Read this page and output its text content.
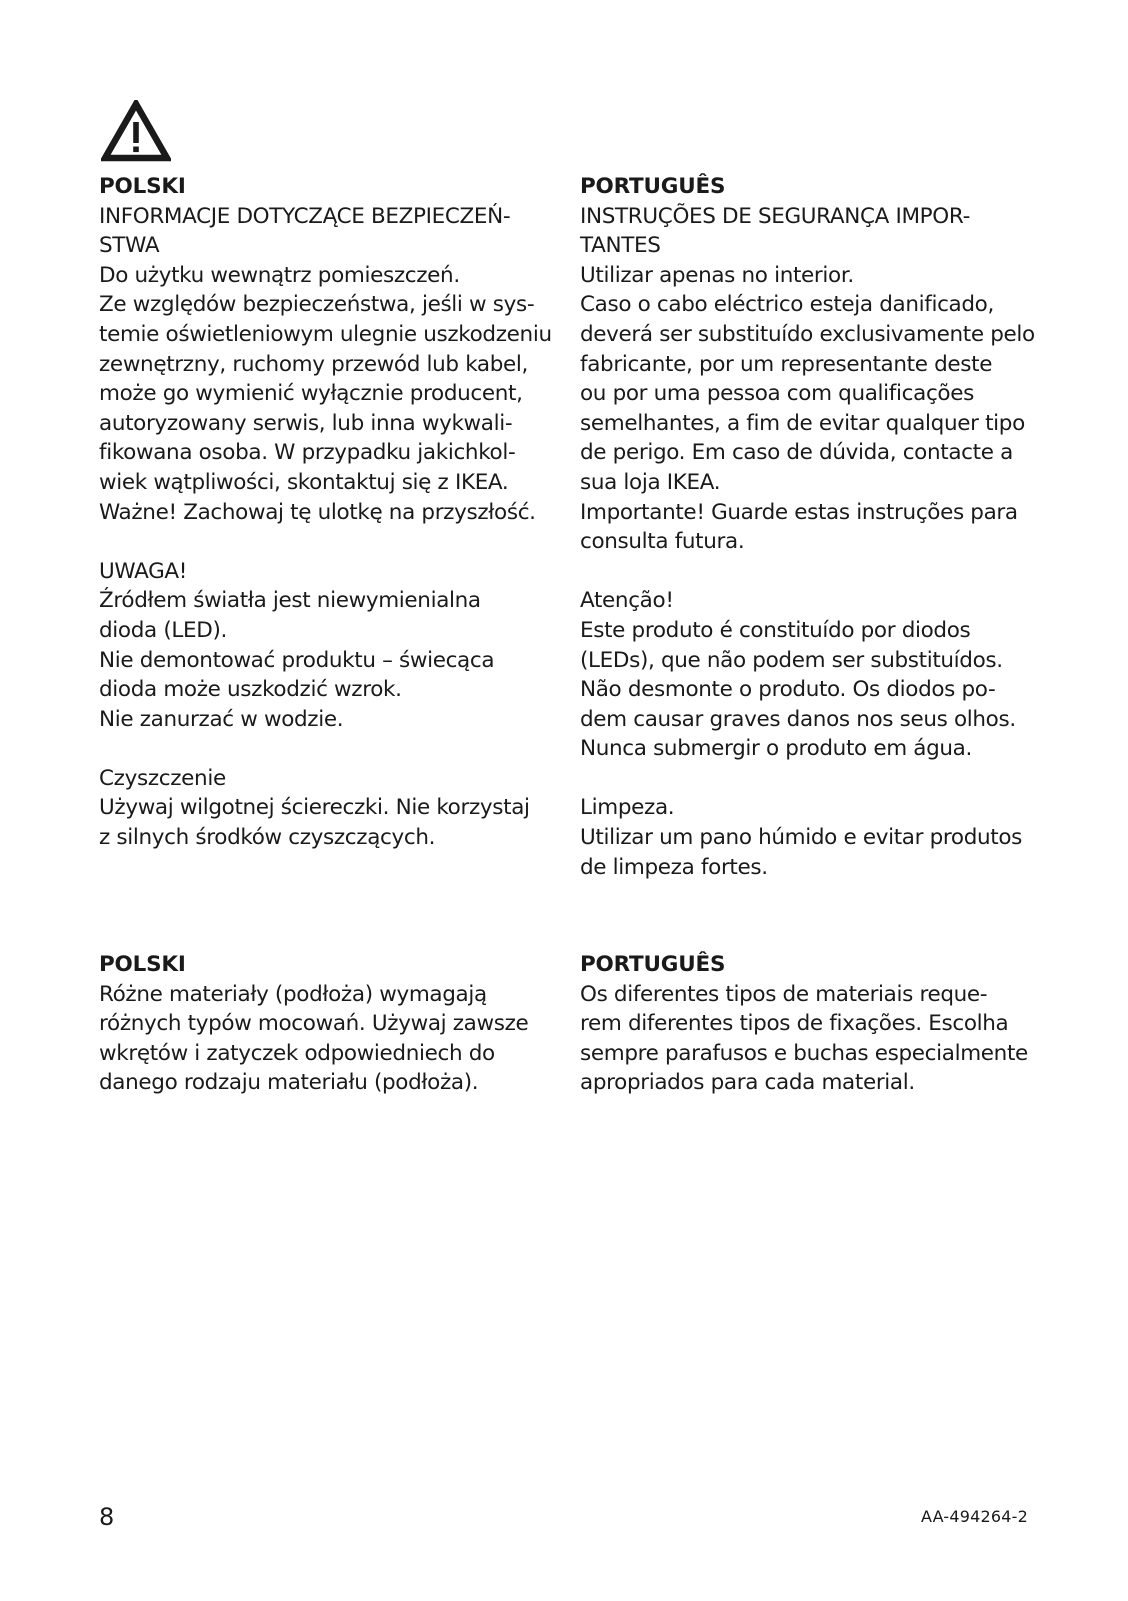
POLSKI
INFORMACJE DOTYCZĄCE BEZPIECZEŃ-
STWA
Do użytku wewnątrz pomieszczeń.
Ze względów bezpieczeństwa, jeśli w sys-
temie oświetleniowym ulegnie uszkodzeniu
zewnętrzny, ruchomy przewód lub kabel,
może go wymienić wyłącznie producent,
autoryzowany serwis, lub inna wykwali-
fikowana osoba. W przypadku jakichkol-
wiek wątpliwości, skontaktuj się z IKEA.
Ważne! Zachowaj tę ulotkę na przyszłość.
UWAGA!
Źródłem światła jest niewymienialna
dioda (LED).
Nie demontować produktu – świecąca
dioda może uszkodzić wzrok.
Nie zanurzać w wodzie.
Czyszczenie
Używaj wilgotnej ściereczki. Nie korzystaj
z silnych środków czyszczących.
PORTUGUÊS
INSTRUÇÕES DE SEGURANÇA IMPOR-
TANTES
Utilizar apenas no interior.
Caso o cabo eléctrico esteja danificado,
deverá ser substituído exclusivamente pelo
fabricante, por um representante deste
ou por uma pessoa com qualificações
semelhantes, a fim de evitar qualquer tipo
de perigo. Em caso de dúvida, contacte a
sua loja IKEA.
Importante! Guarde estas instruções para
consulta futura.
Atenção!
Este produto é constituído por diodos
(LEDs), que não podem ser substituídos.
Não desmonte o produto. Os diodos po-
dem causar graves danos nos seus olhos.
Nunca submergir o produto em água.
Limpeza.
Utilizar um pano húmido e evitar produtos
de limpeza fortes.
POLSKI
Różne materiały (podłoża) wymagają
różnych typów mocowań. Używaj zawsze
wkrętów i zatyczek odpowiedniech do
danego rodzaju materiału (podłoża).
PORTUGUÊS
Os diferentes tipos de materiais reque-
rem diferentes tipos de fixações. Escolha
sempre parafusos e buchas especialmente
apropriados para cada material.
8	AA-494264-2
